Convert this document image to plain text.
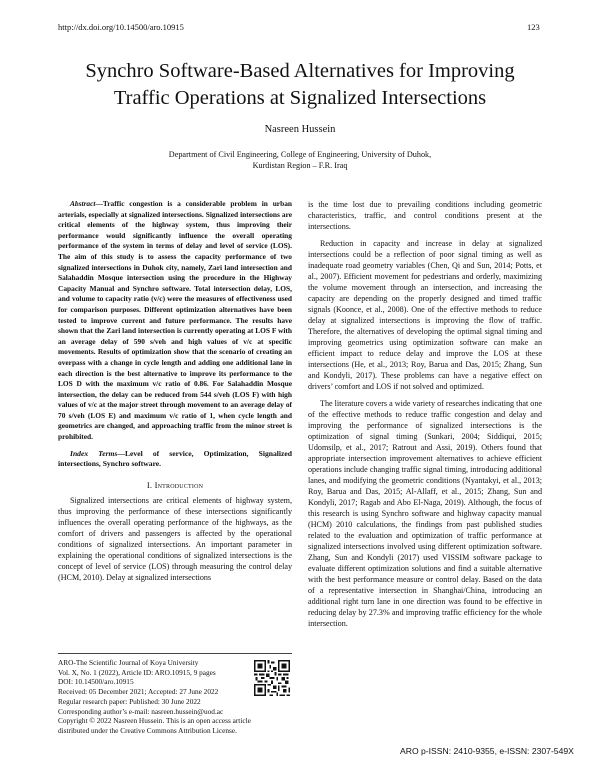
http://dx.doi.org/10.14500/aro.10915	123
Synchro Software-Based Alternatives for Improving
Traffic Operations at Signalized Intersections
Nasreen Hussein
Department of Civil Engineering, College of Engineering, University of Duhok,
Kurdistan Region – F.R. Iraq

Abstract—Traffic congestion is a considerable problem in urban arterials, especially at signalized intersections. Signalized intersections are critical elements of the highway system, thus improving their performance would significantly influence the overall operating performance of the system in terms of delay and level of service (LOS). The aim of this study is to assess the capacity performance of two signalized intersections in Duhok city, namely, Zari land intersection and Salahaddin Mosque intersection using the procedure in the Highway Capacity Manual and Synchro software. Total intersection delay, LOS, and volume to capacity ratio (v/c) were the measures of effectiveness used for comparison purposes. Different optimization alternatives have been tested to improve current and future performance. The results have shown that the Zari land intersection is currently operating at LOS F with an average delay of 590 s/veh and high values of v/c at specific movements. Results of optimization show that the scenario of creating an overpass with a change in cycle length and adding one additional lane in each direction is the best alternative to improve its performance to the LOS D with the maximum v/c ratio of 0.86. For Salahaddin Mosque intersection, the delay can be reduced from 544 s/veh (LOS F) with high values of v/c at the major street through movement to an average delay of 70 s/veh (LOS E) and maximum v/c ratio of 1, when cycle length and geometrics are changed, and approaching traffic from the minor street is prohibited.

Index Terms—Level of service, Optimization, Signalized intersections, Synchro software.

I. Introduction

Signalized intersections are critical elements of highway system, thus improving the performance of these intersections significantly influences the overall operating performance of the highways, as the comfort of drivers and passengers is affected by the operational conditions of signalized intersections. An important parameter in explaining the operational conditions of signalized intersections is the concept of level of service (LOS) through measuring the control delay (HCM, 2010). Delay at signalized intersections

is the time lost due to prevailing conditions including geometric characteristics, traffic, and control conditions present at the intersections.

Reduction in capacity and increase in delay at signalized intersections could be a reflection of poor signal timing as well as inadequate road geometry variables (Chen, Qi and Sun, 2014; Potts, et al., 2007). Efficient movement for pedestrians and orderly, maximizing the volume movement through an intersection, and increasing the capacity are depending on the properly designed and timed traffic signals (Koonce, et al., 2008). One of the effective methods to reduce delay at signalized intersections is improving the flow of traffic. Therefore, the alternatives of developing the optimal signal timing and improving geometrics using optimization software can make an efficient impact to reduce delay and improve the LOS at these intersections (He, et al., 2013; Roy, Barua and Das, 2015; Zhang, Sun and Kondyli, 2017). These problems can have a negative effect on drivers’ comfort and LOS if not solved and optimized.

The literature covers a wide variety of researches indicating that one of the effective methods to reduce traffic congestion and delay and improving the performance of signalized intersections is the optimization of signal timing (Sunkari, 2004; Siddiqui, 2015; Udomsilp, et al., 2017; Ratrout and Assi, 2019). Others found that appropriate intersection improvement alternatives to achieve efficient operations include changing traffic signal timing, introducing additional lanes, and modifying the geometric conditions (Nyantakyi, et al., 2013; Roy, Barua and Das, 2015; Al-Allaff, et al., 2015; Zhang, Sun and Kondyli, 2017; Ragab and Abo El-Naga, 2019). Although, the focus of this research is using Synchro software and highway capacity manual (HCM) 2010 calculations, the findings from past published studies related to the evaluation and optimization of traffic performance at signalized intersections involved using different optimization software. Zhang, Sun and Kondyli (2017) used VISSIM software package to evaluate different optimization solutions and find a suitable alternative with the best performance measure or control delay. Based on the data of a representative intersection in Shanghai/China, introducing an additional right turn lane in one direction was found to be effective in reducing delay by 27.3% and improving traffic efficiency for the whole intersection.

ARO-The Scientific Journal of Koya University
Vol. X, No. 1 (2022), Article ID: ARO.10915, 9 pages
DOI: 10.14500/aro.10915
Received: 05 December 2021; Accepted: 27 June 2022
Regular research paper: Published: 30 June 2022
Corresponding author’s e-mail: nasreen.hussein@uod.ac
Copyright © 2022 Nasreen Hussein. This is an open access article
distributed under the Creative Commons Attribution License.
ARO p-ISSN: 2410-9355, e-ISSN: 2307-549X
